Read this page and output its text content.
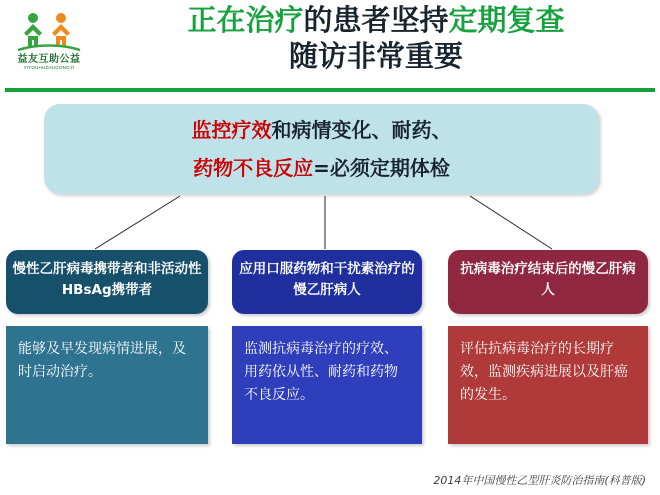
益友互助公益
YIYOUHUZHUGONGYI
正在治疗的患者坚持定期复查
随访非常重要
监控疗效和病情变化、耐药、
药物不良反应=必须定期体检
慢性乙肝病毒携带者和非活动性HBsAg携带者
能够及早发现病情进展，及时启动治疗。
应用口服药物和干扰素治疗的慢乙肝病人
监测抗病毒治疗的疗效、用药依从性、耐药和药物不良反应。
抗病毒治疗结束后的慢乙肝病人
评估抗病毒治疗的长期疗效，监测疾病进展以及肝癌的发生。
2014年中国慢性乙型肝炎防治指南(科普版)
